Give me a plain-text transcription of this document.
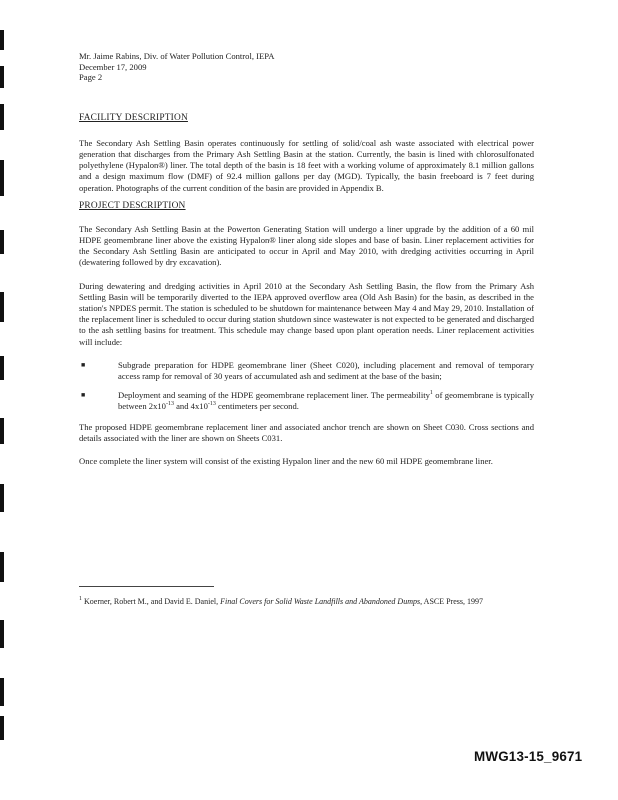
Mr. Jaime Rabins, Div. of Water Pollution Control, IEPA
December 17, 2009
Page 2
FACILITY DESCRIPTION

The Secondary Ash Settling Basin operates continuously for settling of solid/coal ash waste associated with electrical power generation that discharges from the Primary Ash Settling Basin at the station. Currently, the basin is lined with chlorosulfonated polyethylene (Hypalon®) liner. The total depth of the basin is 18 feet with a working volume of approximately 8.1 million gallons and a design maximum flow (DMF) of 92.4 million gallons per day (MGD). Typically, the basin freeboard is 7 feet during operation. Photographs of the current condition of the basin are provided in Appendix B.

PROJECT DESCRIPTION

The Secondary Ash Settling Basin at the Powerton Generating Station will undergo a liner upgrade by the addition of a 60 mil HDPE geomembrane liner above the existing Hypalon® liner along side slopes and base of basin. Liner replacement activities for the Secondary Ash Settling Basin are anticipated to occur in April and May 2010, with dredging activities occurring in April (dewatering followed by dry excavation).

During dewatering and dredging activities in April 2010 at the Secondary Ash Settling Basin, the flow from the Primary Ash Settling Basin will be temporarily diverted to the IEPA approved overflow area (Old Ash Basin) for the basin, as described in the station's NPDES permit. The station is scheduled to be shutdown for maintenance between May 4 and May 29, 2010. Installation of the replacement liner is scheduled to occur during station shutdown since wastewater is not expected to be generated and discharged to the ash settling basins for treatment. This schedule may change based upon plant operation needs. Liner replacement activities will include:

■	Subgrade preparation for HDPE geomembrane liner (Sheet C020), including placement and removal of temporary access ramp for removal of 30 years of accumulated ash and sediment at the base of the basin;
■	Deployment and seaming of the HDPE geomembrane replacement liner. The permeability$^1$ of geomembrane is typically between $2x10^{-13}$ and $4x10^{-13}$ centimeters per second.

The proposed HDPE geomembrane replacement liner and associated anchor trench are shown on Sheet C030. Cross sections and details associated with the liner are shown on Sheets C031.

Once complete the liner system will consist of the existing Hypalon liner and the new 60 mil HDPE geomembrane liner.

$^1$ Koerner, Robert M., and David E. Daniel, Final Covers for Solid Waste Landfills and Abandoned Dumps, ASCE Press, 1997
MWG13-15_9671
